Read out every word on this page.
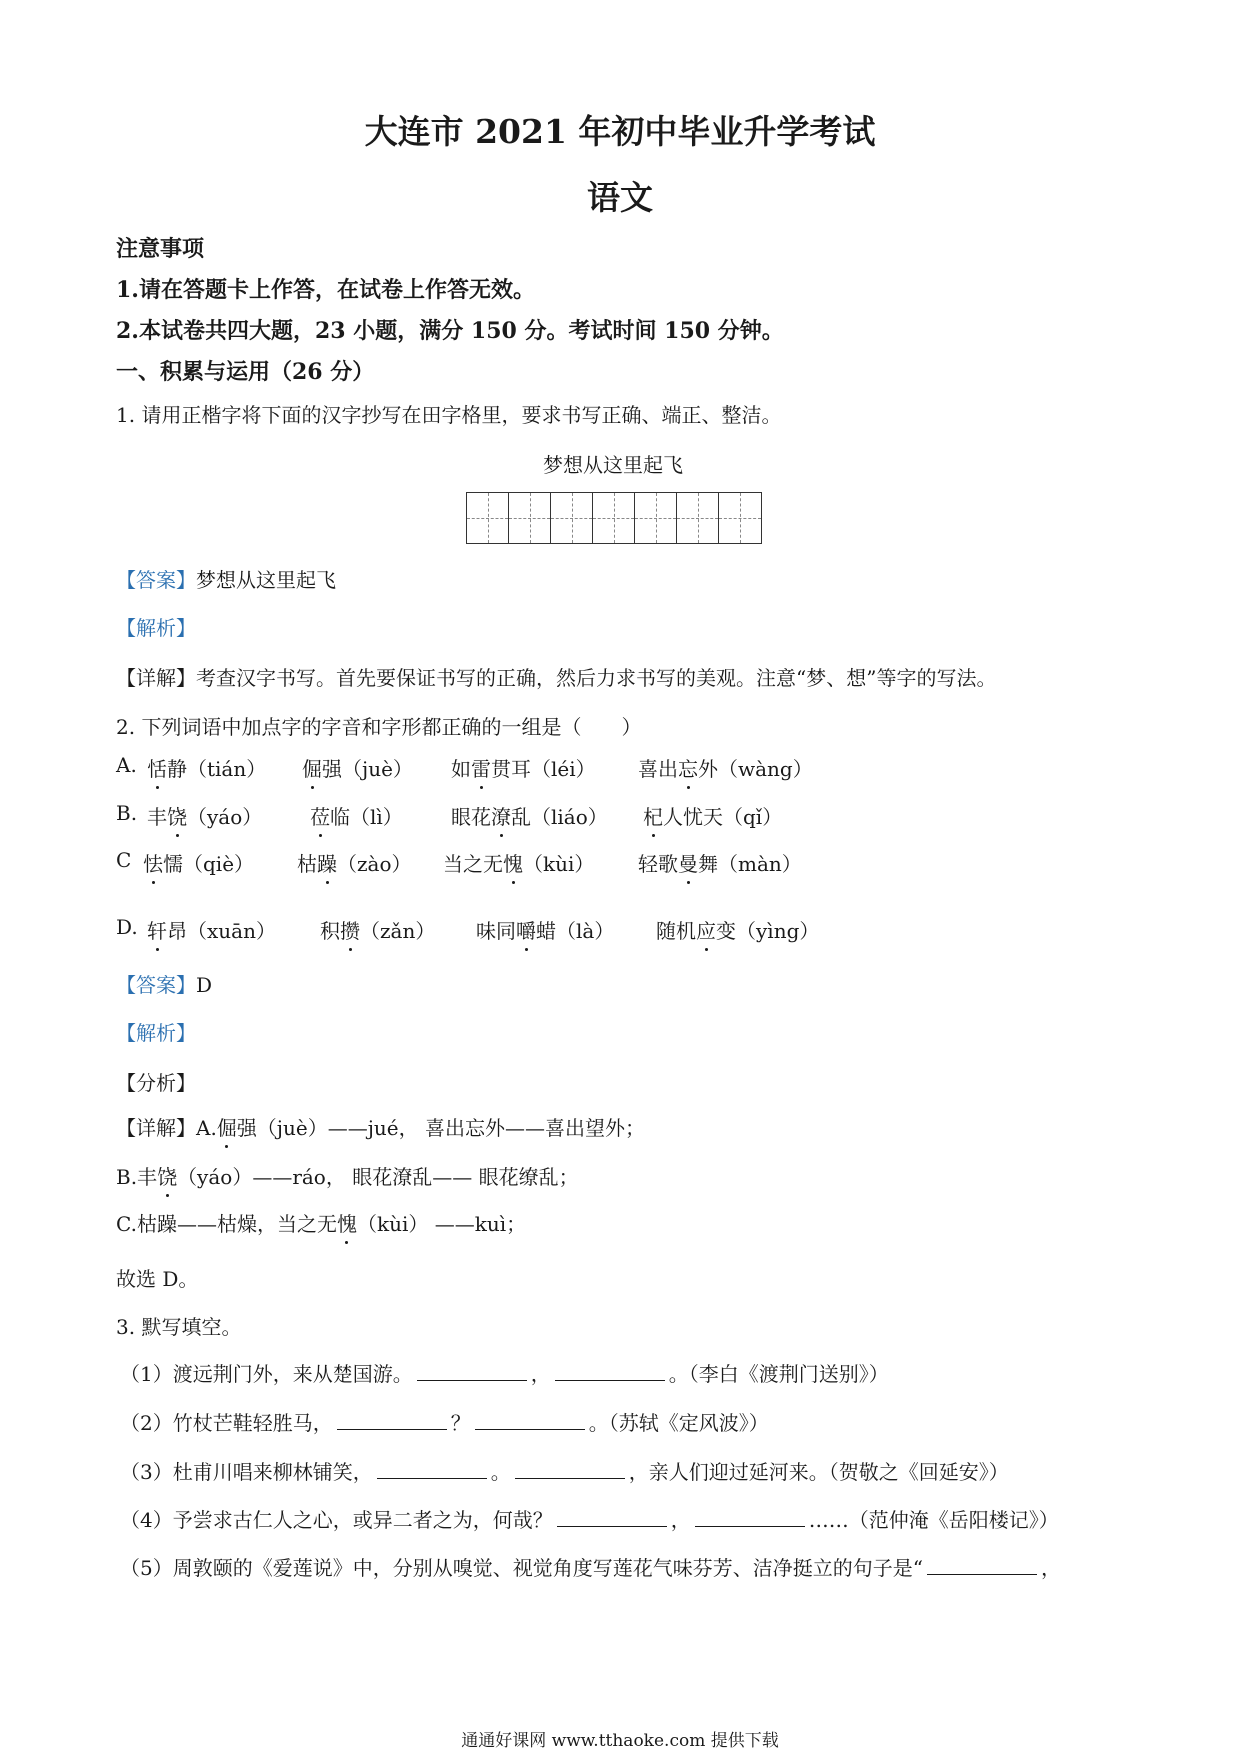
大连市 2021 年初中毕业升学考试
语文
注意事项
1.请在答题卡上作答，在试卷上作答无效。
2.本试卷共四大题，23 小题，满分 150 分。考试时间 150 分钟。
一、积累与运用（26 分）
1. 请用正楷字将下面的汉字抄写在田字格里，要求书写正确、端正、整洁。
梦想从这里起飞
【答案】梦想从这里起飞
【解析】
【详解】考查汉字书写。首先要保证书写的正确，然后力求书写的美观。注意“梦、想”等字的写法。
2. 下列词语中加点字的字音和字形都正确的一组是（　　）
A. 恬静（tián） 倔强（juè） 如雷贯耳（léi） 喜出忘外（wàng）
B. 丰饶（yáo） 莅临（lì） 眼花潦乱（liáo） 杞人忧天（qǐ）
C 怯懦（qiè） 枯躁（zào） 当之无愧（kùi） 轻歌曼舞（màn）
D. 轩昂（xuān） 积攒（zǎn） 味同嚼蜡（là） 随机应变（yìng）
【答案】D
【解析】
【分析】
【详解】A.倔强（juè）——jué， 喜出忘外——喜出望外；
B.丰饶（yáo）——ráo， 眼花潦乱—— 眼花缭乱；
C.枯躁——枯燥，当之无愧（kùi） ——kuì；
故选 D。
3. 默写填空。
（1）渡远荆门外，来从楚国游。	，	。（李白《渡荆门送别》）
（2）竹杖芒鞋轻胜马，	？	。（苏轼《定风波》）
（3）杜甫川唱来柳林铺笑，	。	，亲人们迎过延河来。（贺敬之《回延安》）
（4）予尝求古仁人之心，或异二者之为，何哉？	，	……（范仲淹《岳阳楼记》）
（5）周敦颐的《爱莲说》中，分别从嗅觉、视觉角度写莲花气味芬芳、洁净挺立的句子是“	，
通通好课网 www.tthaoke.com 提供下载
